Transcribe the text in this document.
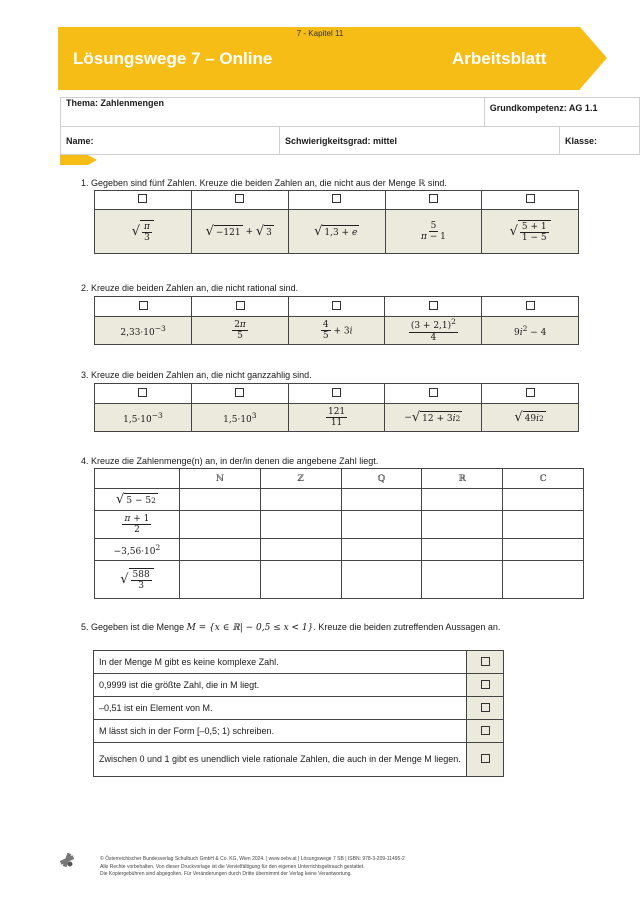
7 - Kapitel 11
Lösungswege 7 – Online	Arbeitsblatt
Thema: Zahlenmengen		Grundkompetenz: AG 1.1	
Name:	Schwierigkeitsgrad: mittel		Klasse:
1. Gegeben sind fünf Zahlen. Kreuze die beiden Zahlen an, die nicht aus der Menge ℝ sind.

√ $\frac{\pi}{3}$	√ −121 + √ 3	√ 1,3 + e	$\frac{5}{\pi - 1}$	√ $\frac{5 + 1}{1 - 5}$
2. Kreuze die beiden Zahlen an, die nicht rational sind.

$2,33\cdot 10^{-3}$	$\frac{2\pi}{5}$	$\frac{4}{5} + 3i$	$\frac{(3 + 2,1)^2}{4}$	$9i^2 - 4$
3. Kreuze die beiden Zahlen an, die nicht ganzzahlig sind.

$1,5\cdot 10^{-3}$	$1,5\cdot 10^3$	$\frac{121}{11}$	− √ 12 + 3 i 2	√ 49 i 2
4. Kreuze die Zahlenmenge(n) an, in der/in denen die angebene Zahl liegt.
	ℕ	ℤ	ℚ	ℝ	ℂ

√ 5 − 5 2					

$\frac{\pi + 1}{2}$

$-3,56\cdot 10^2$					

√ $\frac{588}{3}$

5. Gegeben ist die Menge M = {x ∈ ℝ| − 0,5 ≤ x < 1}. Kreuze die beiden zutreffenden Aussagen an.
In der Menge M gibt es keine komplexe Zahl.	
0,9999 ist die größte Zahl, die in M liegt.	
–0,51 ist ein Element von M.	
M lässt sich in der Form [–0,5; 1) schreiben.	
Zwischen 0 und 1 gibt es unendlich viele rationale Zahlen, die auch in der Menge M liegen.	
© Österreichischer Bundesverlag Schulbuch GmbH & Co. KG, Wien 2024. | www.oebv.at | Lösungswege 7 SB | ISBN: 978-3-209-11495-2
Alle Rechte vorbehalten. Von dieser Druckvorlage ist die Vervielfältigung für den eigenen Unterrichtsgebrauch gestattet.
Die Kopiergebühren sind abgegolten. Für Veränderungen durch Dritte übernimmt der Verlag keine Verantwortung.
